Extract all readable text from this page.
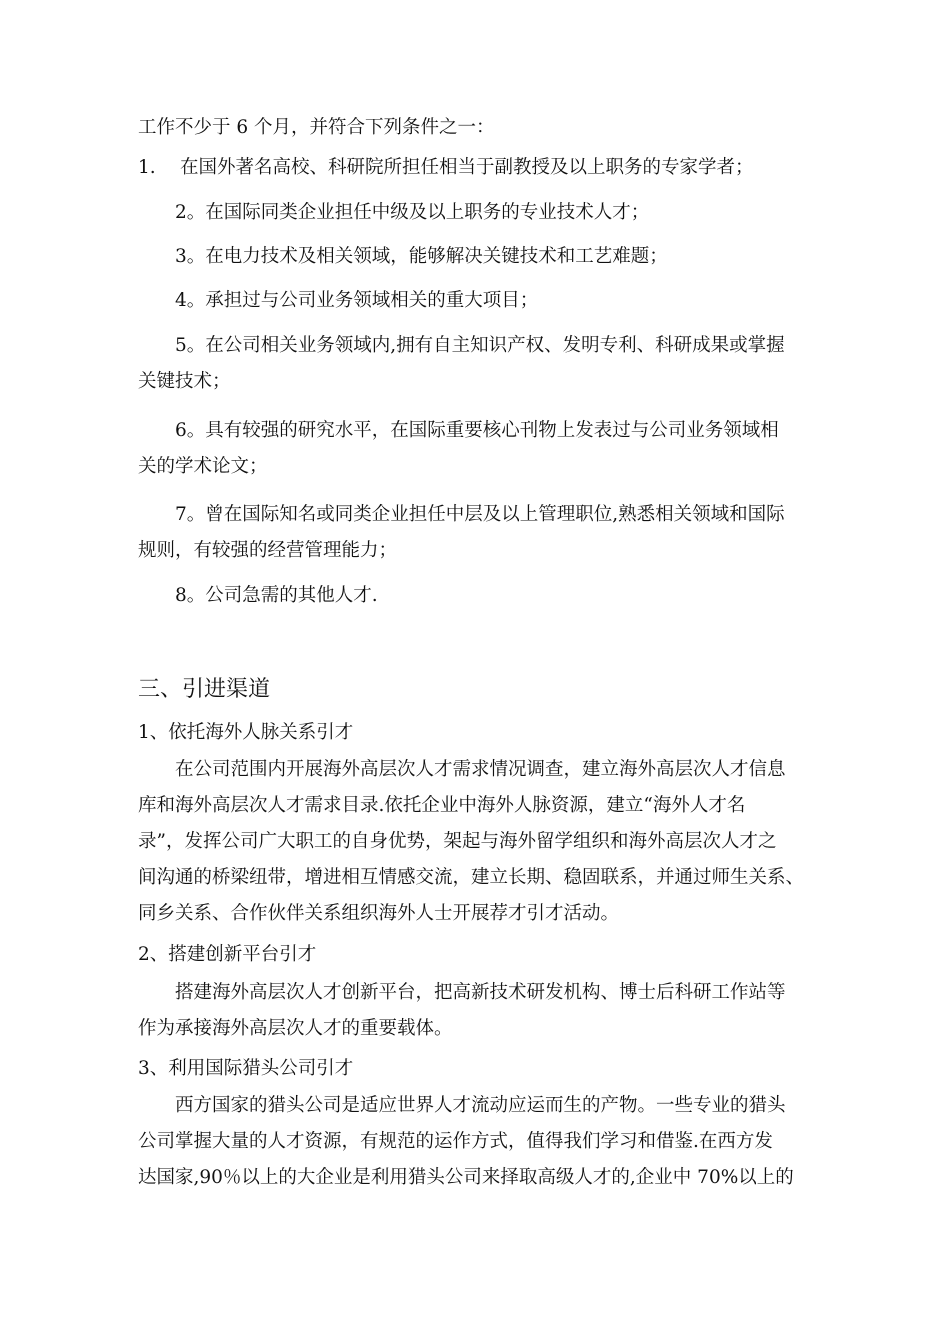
工作不少于 6 个月，并符合下列条件之一：
1.　 在国外著名高校、科研院所担任相当于副教授及以上职务的专家学者；
2。在国际同类企业担任中级及以上职务的专业技术人才；
3。在电力技术及相关领域，能够解决关键技术和工艺难题；
4。承担过与公司业务领域相关的重大项目；
5。在公司相关业务领域内,拥有自主知识产权、发明专利、科研成果或掌握
关键技术；
6。具有较强的研究水平，在国际重要核心刊物上发表过与公司业务领域相
关的学术论文；
7。曾在国际知名或同类企业担任中层及以上管理职位,熟悉相关领域和国际
规则，有较强的经营管理能力；
8。公司急需的其他人才.
三、引进渠道
1、依托海外人脉关系引才
在公司范围内开展海外高层次人才需求情况调查，建立海外高层次人才信息
库和海外高层次人才需求目录.依托企业中海外人脉资源，建立“海外人才名
录”，发挥公司广大职工的自身优势，架起与海外留学组织和海外高层次人才之
间沟通的桥梁纽带，增进相互情感交流，建立长期、稳固联系，并通过师生关系、
同乡关系、合作伙伴关系组织海外人士开展荐才引才活动。
2、搭建创新平台引才
搭建海外高层次人才创新平台，把高新技术研发机构、博士后科研工作站等
作为承接海外高层次人才的重要载体。
3、利用国际猎头公司引才
西方国家的猎头公司是适应世界人才流动应运而生的产物。一些专业的猎头
公司掌握大量的人才资源，有规范的运作方式，值得我们学习和借鉴.在西方发
达国家,90％以上的大企业是利用猎头公司来择取高级人才的,企业中 70%以上的
